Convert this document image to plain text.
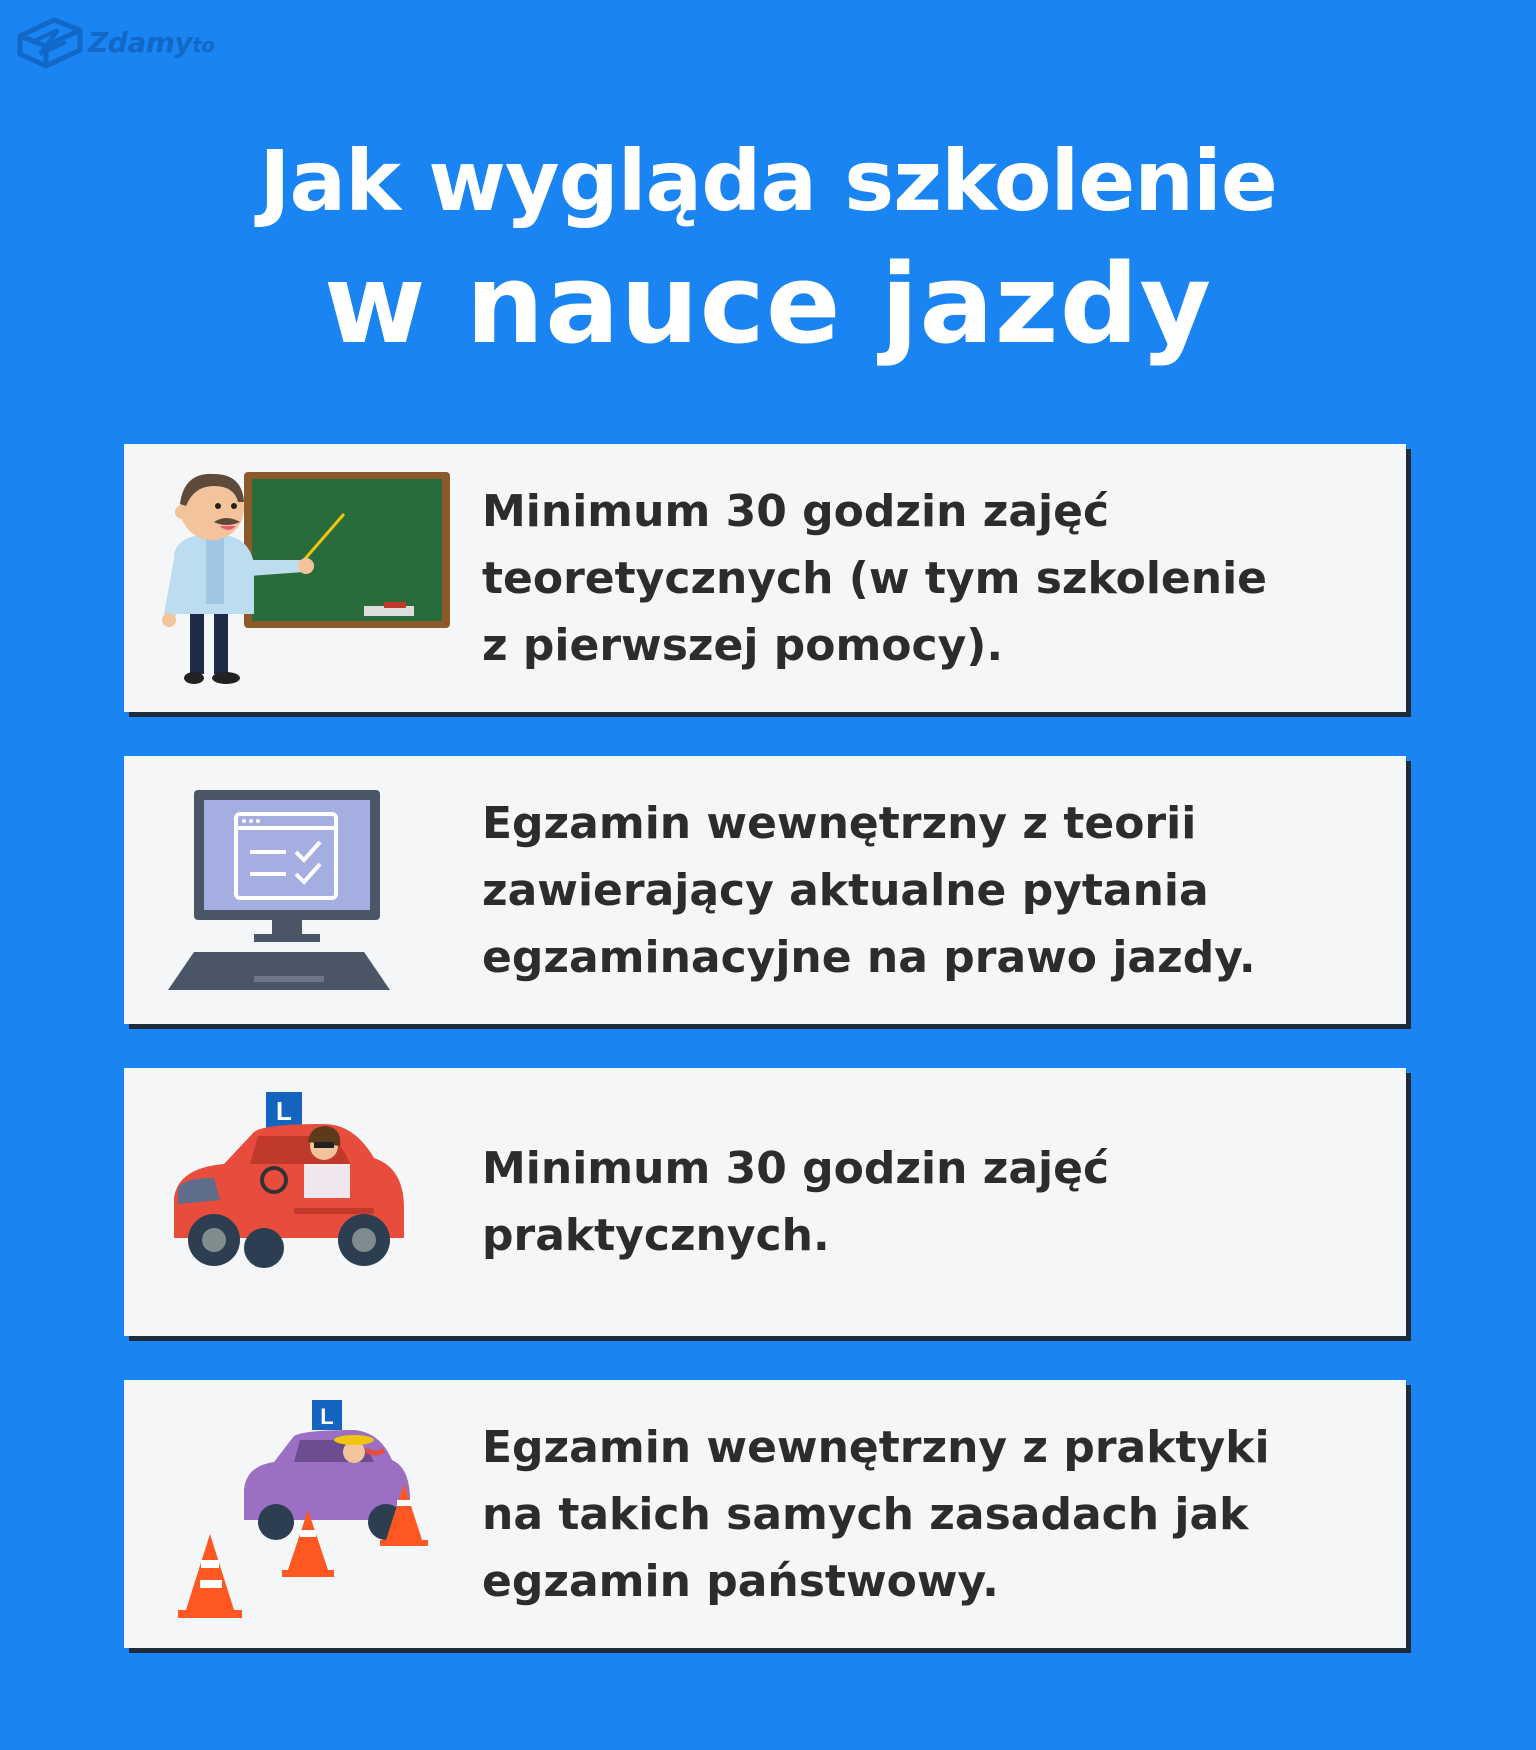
Zdamyto
Jak wygląda szkolenie
w nauce jazdy
Minimum 30 godzin zajęć teoretycznych (w tym szkolenie z pierwszej pomocy).
Egzamin wewnętrzny z teorii zawierający aktualne pytania egzaminacyjne na prawo jazdy.
L
Minimum 30 godzin zajęć praktycznych.
L
Egzamin wewnętrzny z praktyki na takich samych zasadach jak egzamin państwowy.
